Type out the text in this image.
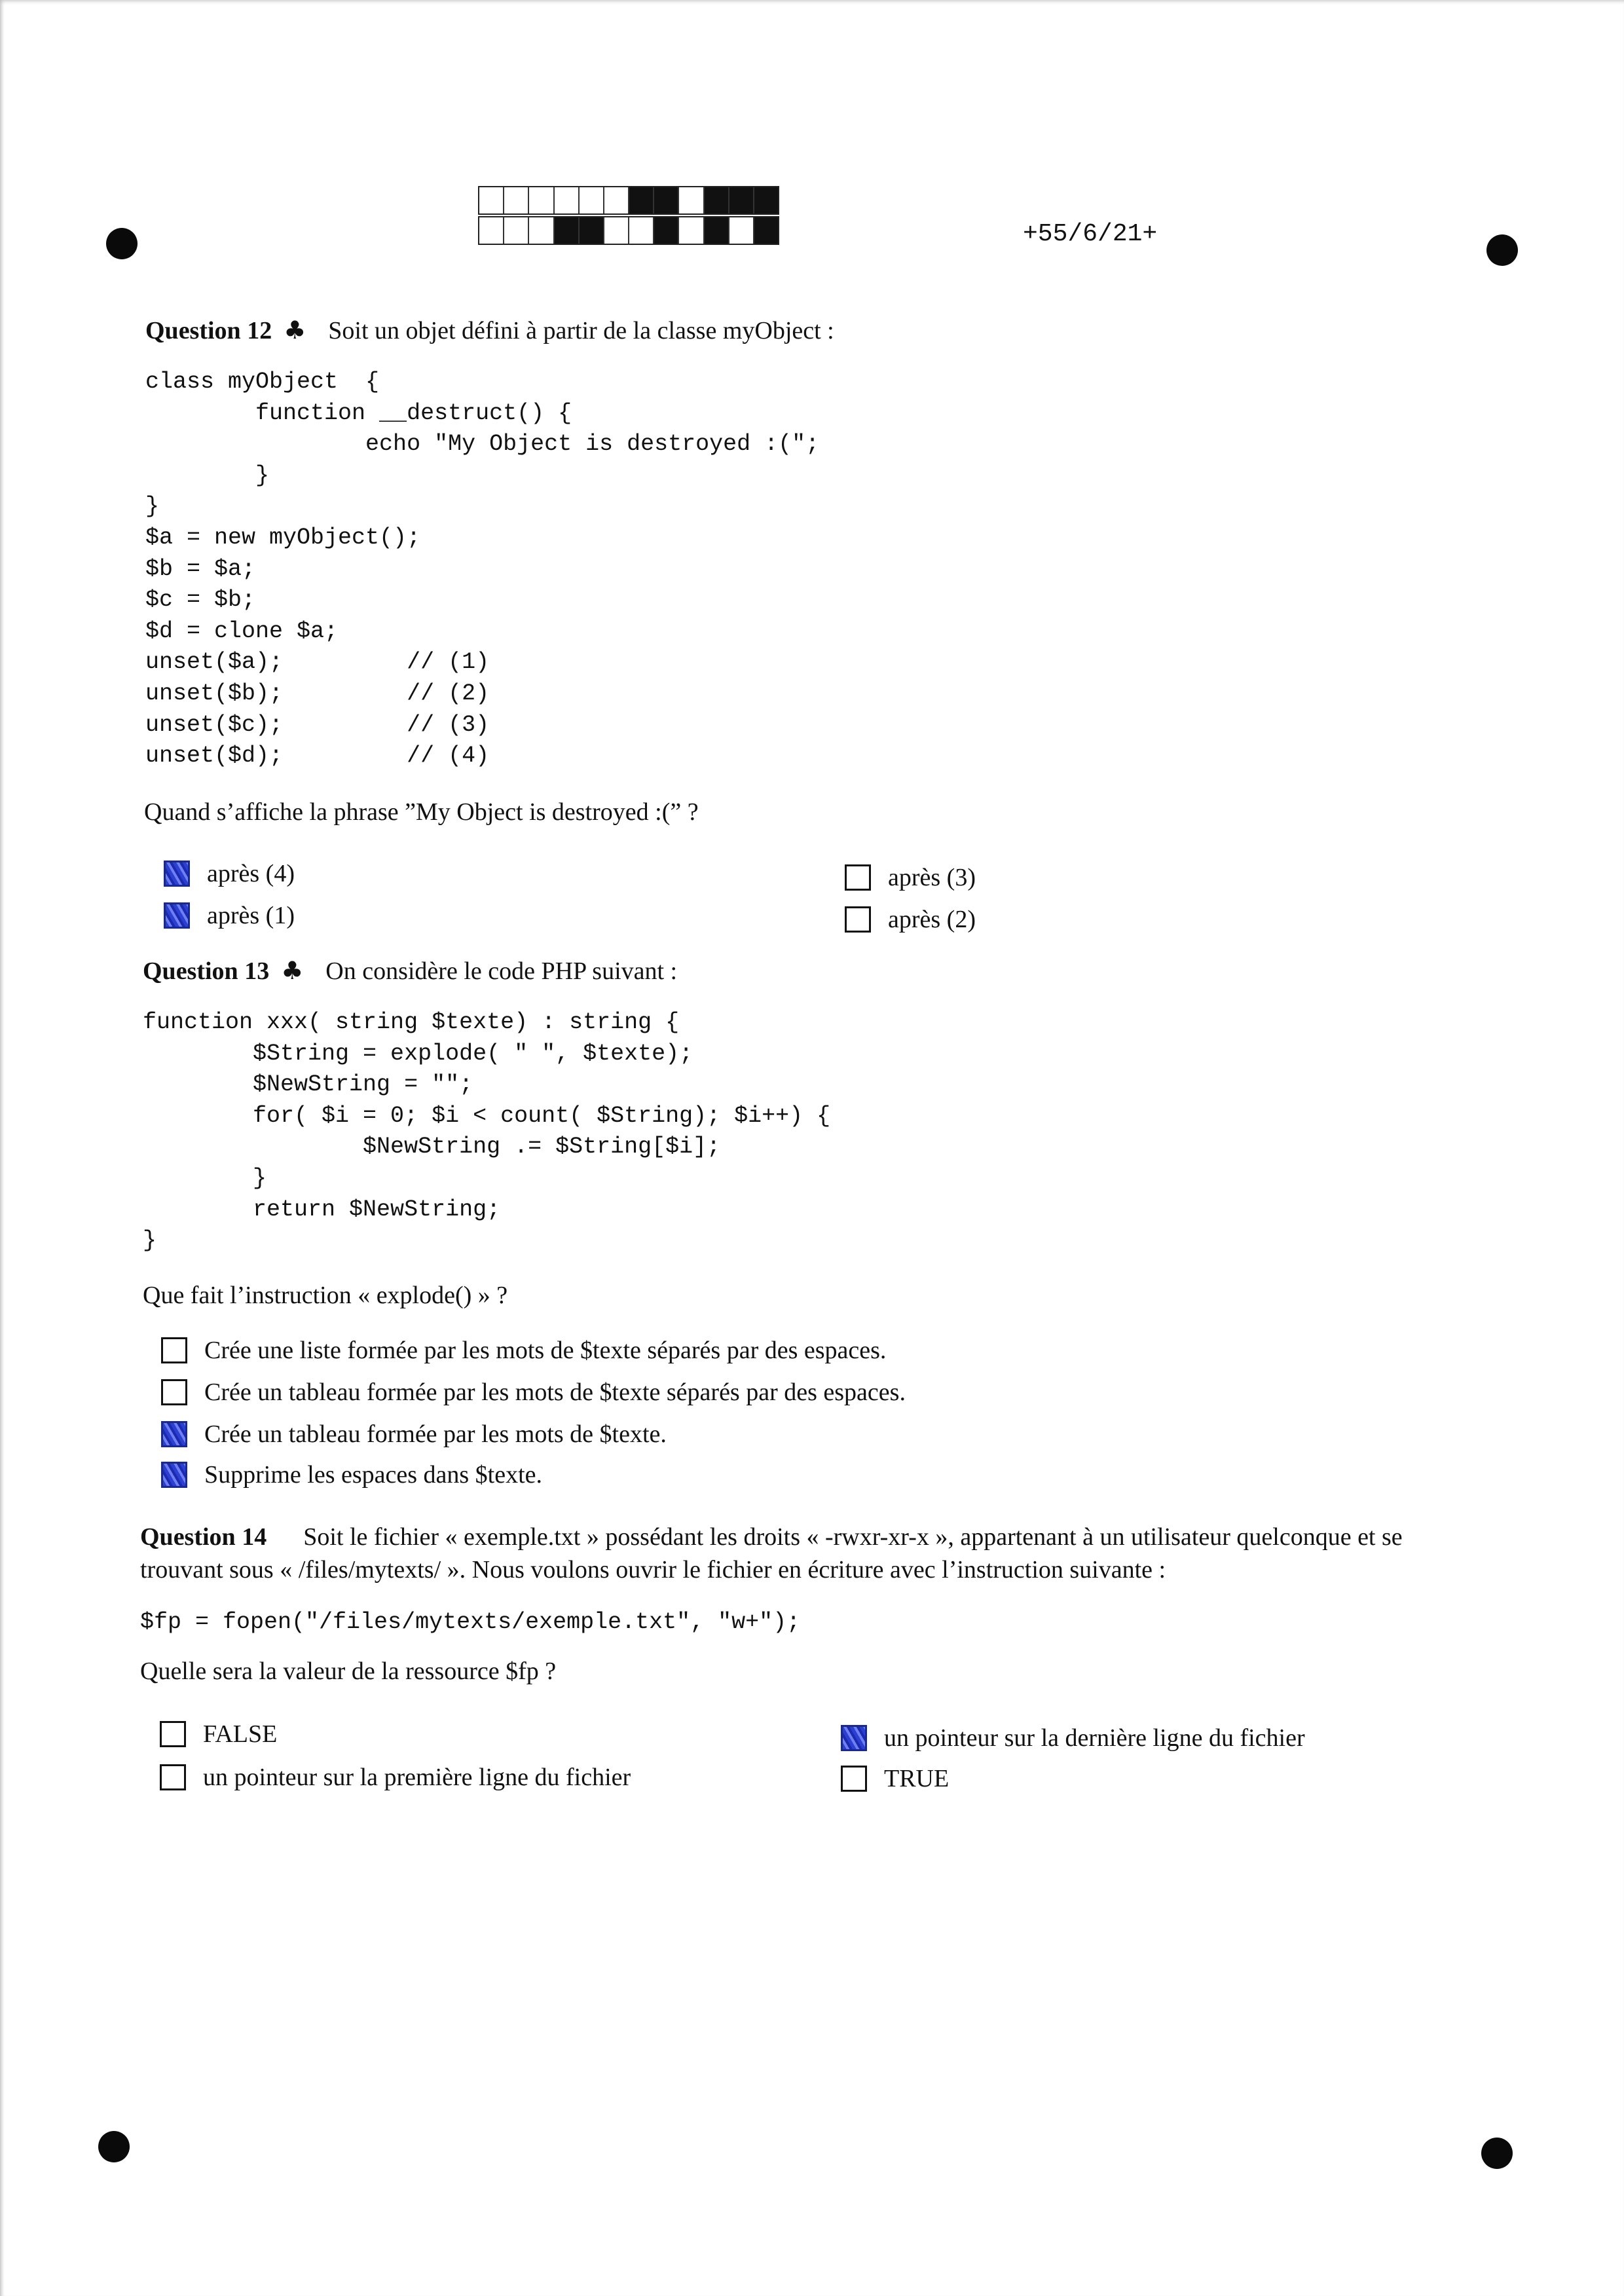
+55/6/21+
Question 12 ♣ Soit un objet défini à partir de la classe myObject :
class myObject  {
function __destruct() {
echo "My Object is destroyed :(";
}
}
$a = new myObject();
$b = $a;
$c = $b;
$d = clone $a;
unset($a);         // (1)
unset($b);         // (2)
unset($c);         // (3)
unset($d);         // (4)
Quand s’affiche la phrase ”My Object is destroyed :(” ?
après (4)
après (1)
après (3)
après (2)
Question 13 ♣ On considère le code PHP suivant :
function xxx( string $texte) : string {
$String = explode( " ", $texte);
$NewString = "";
for( $i = 0; $i < count( $String); $i++) {
$NewString .= $String[$i];
}
return $NewString;
}
Que fait l’instruction « explode() » ?
Crée une liste formée par les mots de $texte séparés par des espaces.
Crée un tableau formée par les mots de $texte séparés par des espaces.
Crée un tableau formée par les mots de $texte.
Supprime les espaces dans $texte.
Question 14 Soit le fichier « exemple.txt » possédant les droits « -rwxr-xr-x », appartenant à un utilisateur quelconque et se trouvant sous « /files/mytexts/ ». Nous voulons ouvrir le fichier en écriture avec l’instruction suivante :
$fp = fopen("/files/mytexts/exemple.txt", "w+");
Quelle sera la valeur de la ressource $fp ?
FALSE
un pointeur sur la première ligne du fichier
un pointeur sur la dernière ligne du fichier
TRUE
